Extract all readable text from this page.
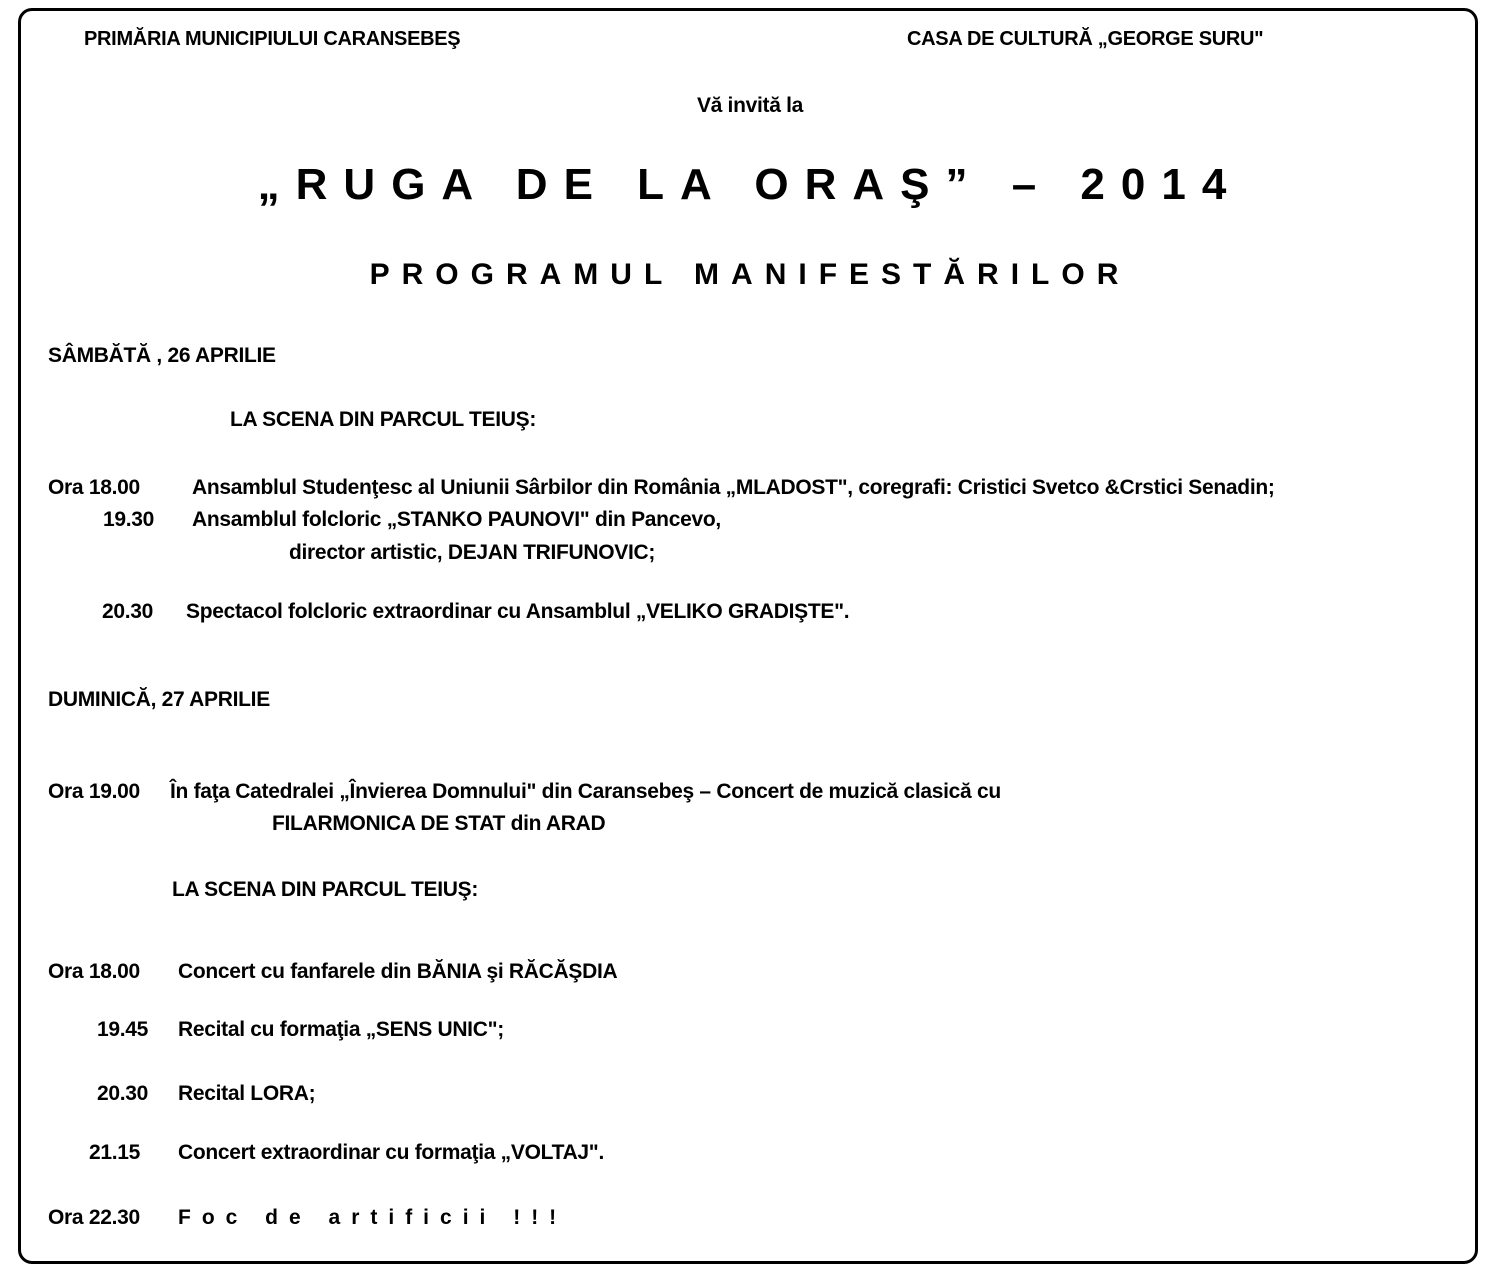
PRIMĂRIA MUNICIPIULUI CARANSEBEŞ	CASA DE CULTURĂ „GEORGE SURU"
Vă invită la
„RUGA DE LA ORAŞ” – 2014
PROGRAMUL MANIFESTĂRILOR
SÂMBĂTĂ , 26 APRILIE
LA SCENA DIN PARCUL TEIUŞ:
Ora 18.00 Ansamblul Studenţesc al Uniunii Sârbilor din România „MLADOST", coregrafi: Cristici Svetco &Crstici Senadin;
19.30 Ansamblul folcloric „STANKO PAUNOVI" din Pancevo,
director artistic, DEJAN TRIFUNOVIC;
20.30 Spectacol folcloric extraordinar cu Ansamblul „VELIKO GRADIŞTE".
DUMINICĂ, 27 APRILIE
Ora 19.00 În faţa Catedralei „Învierea Domnului" din Caransebeş – Concert de muzică clasică cu
FILARMONICA DE STAT din ARAD
LA SCENA DIN PARCUL TEIUŞ:
Ora 18.00 Concert cu fanfarele din BĂNIA şi RĂCĂŞDIA
19.45 Recital cu formaţia „SENS UNIC";
20.30 Recital LORA;
21.15 Concert extraordinar cu formaţia „VOLTAJ".
Ora 22.30 Foc de artificii !!!
